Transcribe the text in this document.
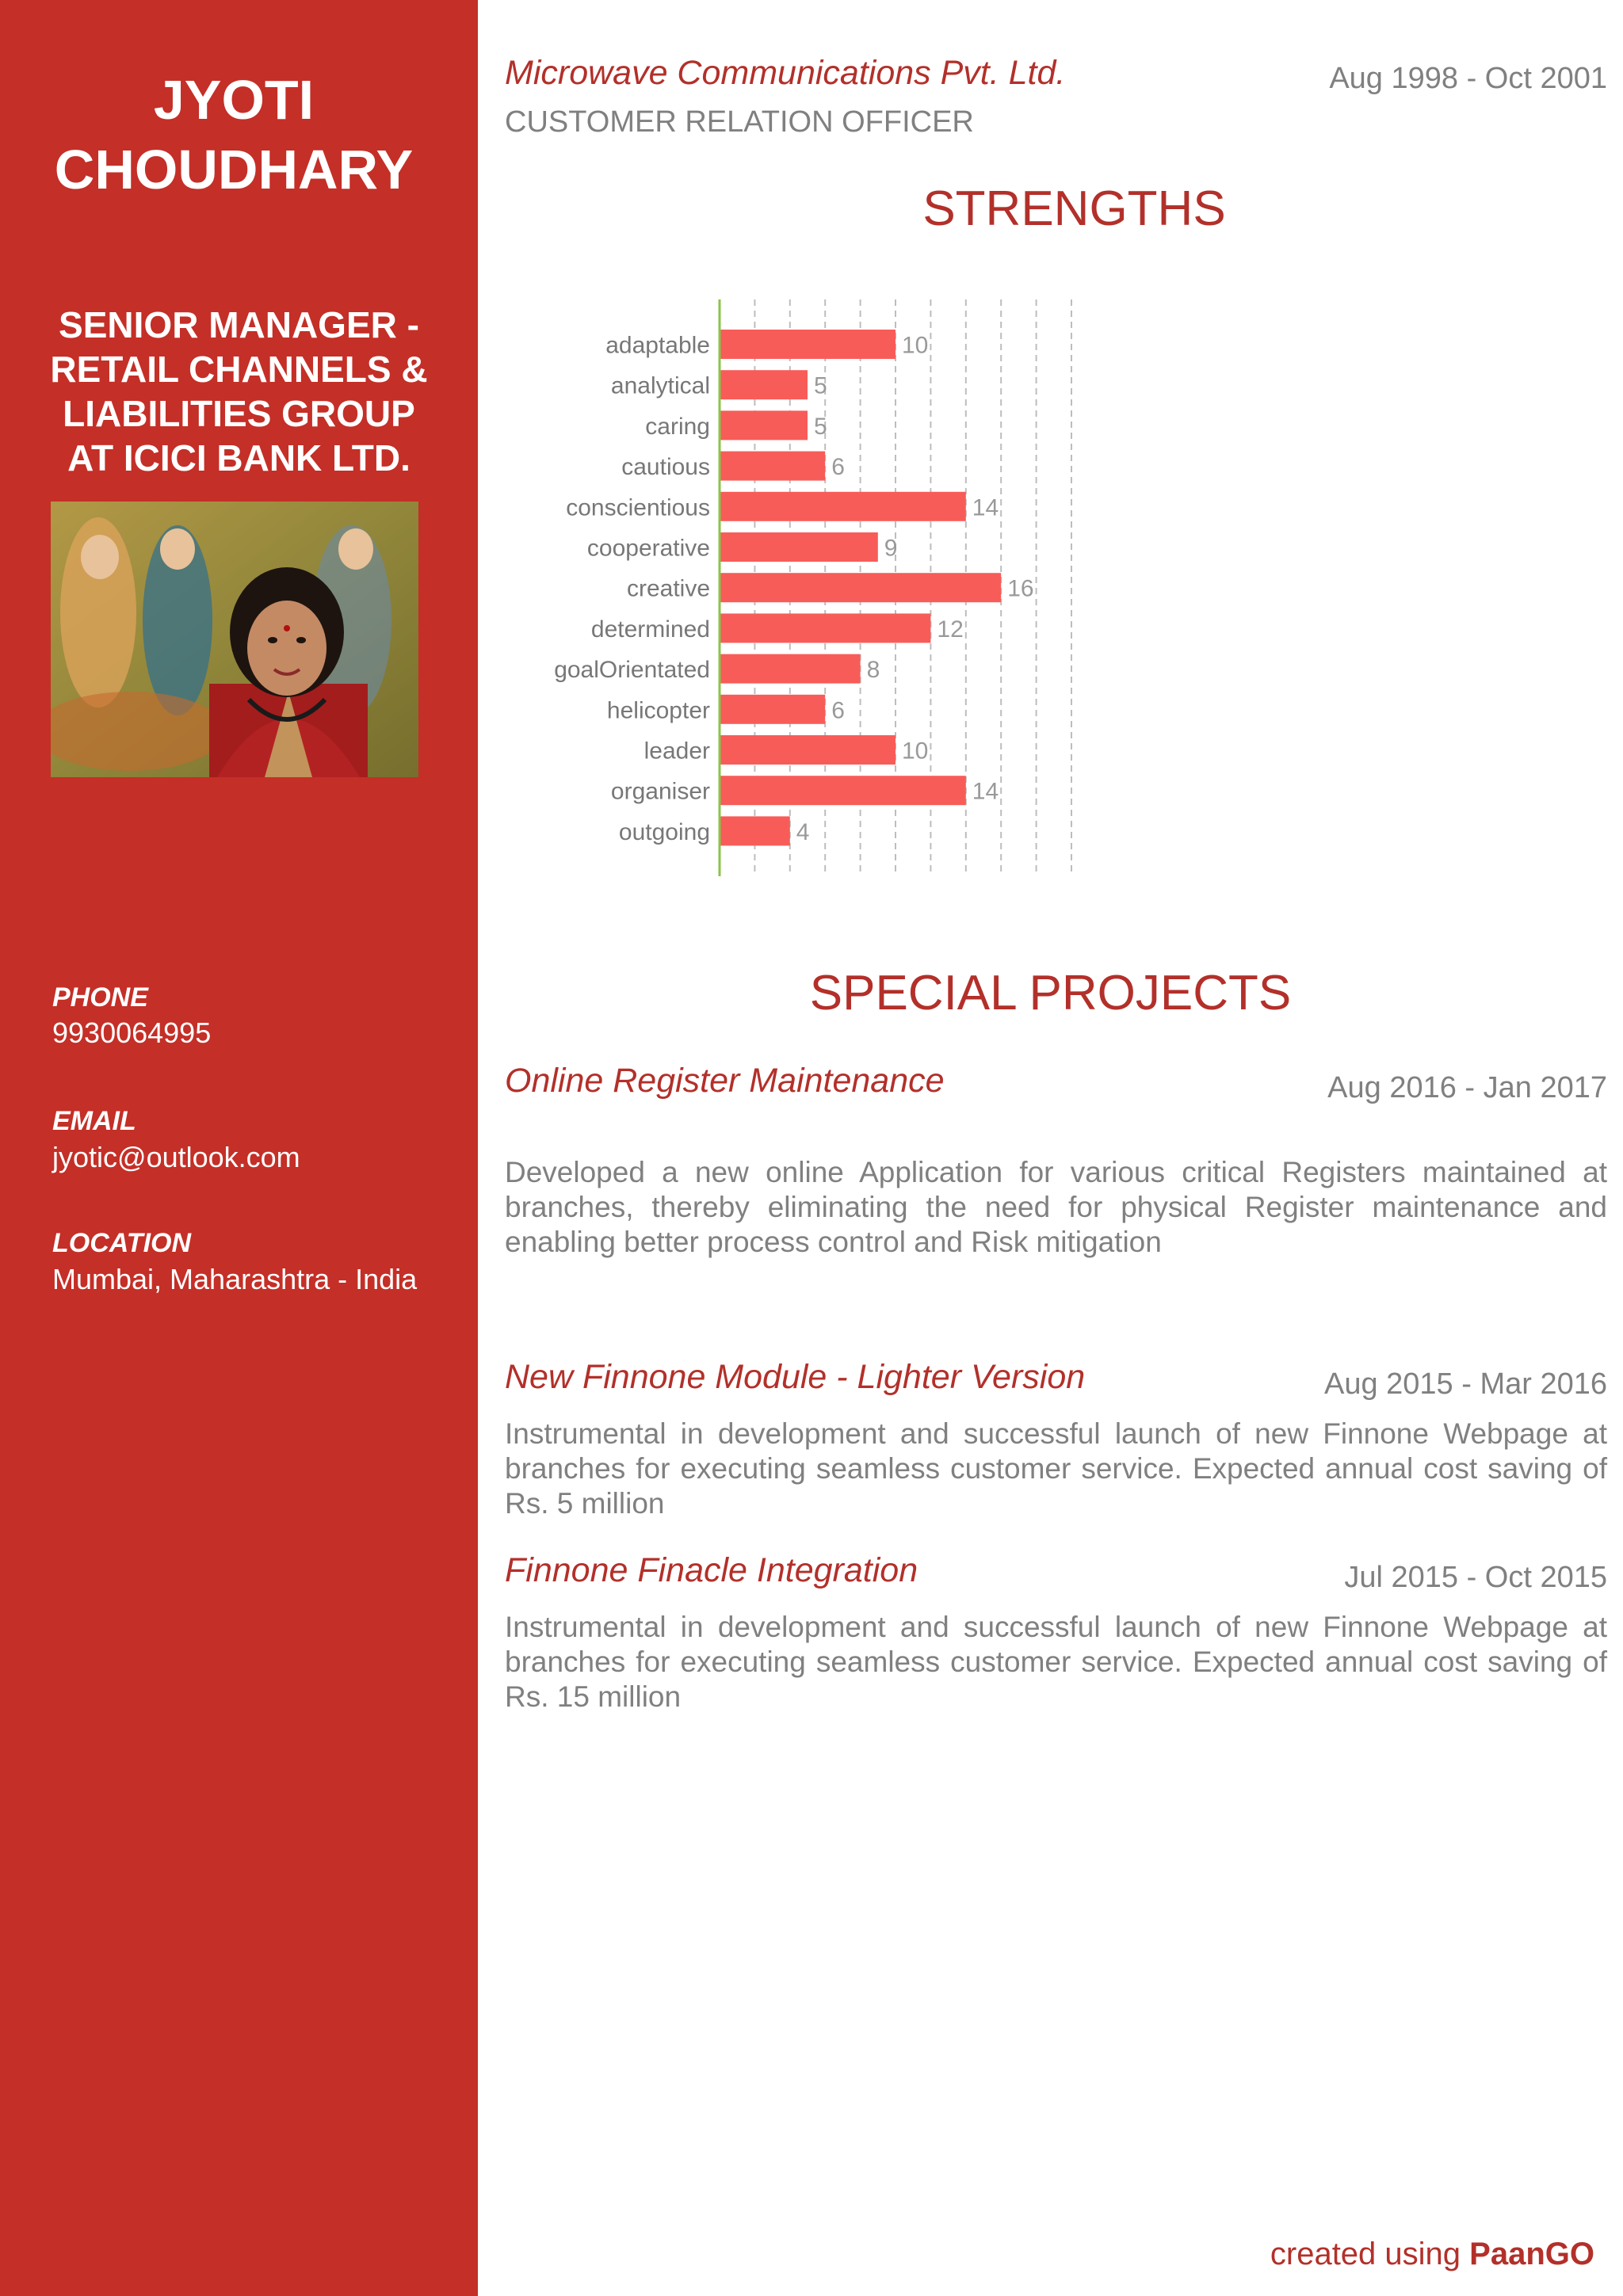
JYOTI
CHOUDHARY
SENIOR MANAGER -
RETAIL CHANNELS &
LIABILITIES GROUP
AT ICICI BANK LTD.
PHONE
9930064995
EMAIL
jyotic@outlook.com
LOCATION
Mumbai, Maharashtra - India
Microwave Communications Pvt. Ltd.	Aug 1998 - Oct 2001
CUSTOMER RELATION OFFICER
STRENGTHS
SPECIAL PROJECTS
Online Register Maintenance	Aug 2016 - Jan 2017
Developed a new online Application for various critical Registers maintained at branches, thereby eliminating the need for physical Register maintenance and enabling better process control and Risk mitigation
New Finnone Module - Lighter Version	Aug 2015 - Mar 2016
Instrumental in development and successful launch of new Finnone Webpage at branches for executing seamless customer service. Expected annual cost saving of Rs. 5 million
Finnone Finacle Integration	Jul 2015 - Oct 2015
Instrumental in development and successful launch of new Finnone Webpage at branches for executing seamless customer service. Expected annual cost saving of Rs. 15 million
created using PaanGO
adaptable	10
analytical	5
caring	5
cautious	6
conscientious	14
cooperative	9
creative	16
determined	12
goalOrientated	8
helicopter	6
leader	10
organiser	14
outgoing	4
